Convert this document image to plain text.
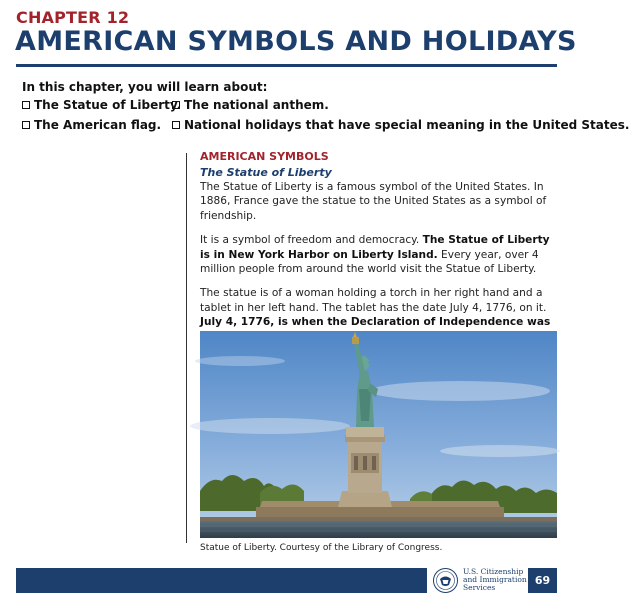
CHAPTER 12
AMERICAN SYMBOLS AND HOLIDAYS
In this chapter, you will learn about:
The Statue of Liberty. The national anthem.
The American flag.	National holidays that have special meaning in the United States.
AMERICAN SYMBOLS
The Statue of Liberty

The Statue of Liberty is a famous symbol of the United States. In 1886, France gave the statue to the United States as a symbol of friendship.

It is a symbol of freedom and democracy. The Statue of Liberty is in New York Harbor on Liberty Island. Every year, over 4 million people from around the world visit the Statue of Liberty.

The statue is of a woman holding a torch in her right hand and a tablet in her left hand. The tablet has the date July 4, 1776, on it. July 4, 1776, is when the Declaration of Independence was

Statue of Liberty. Courtesy of the Library of Congress.
U.S. Citizenship
and Immigration
Services
69
